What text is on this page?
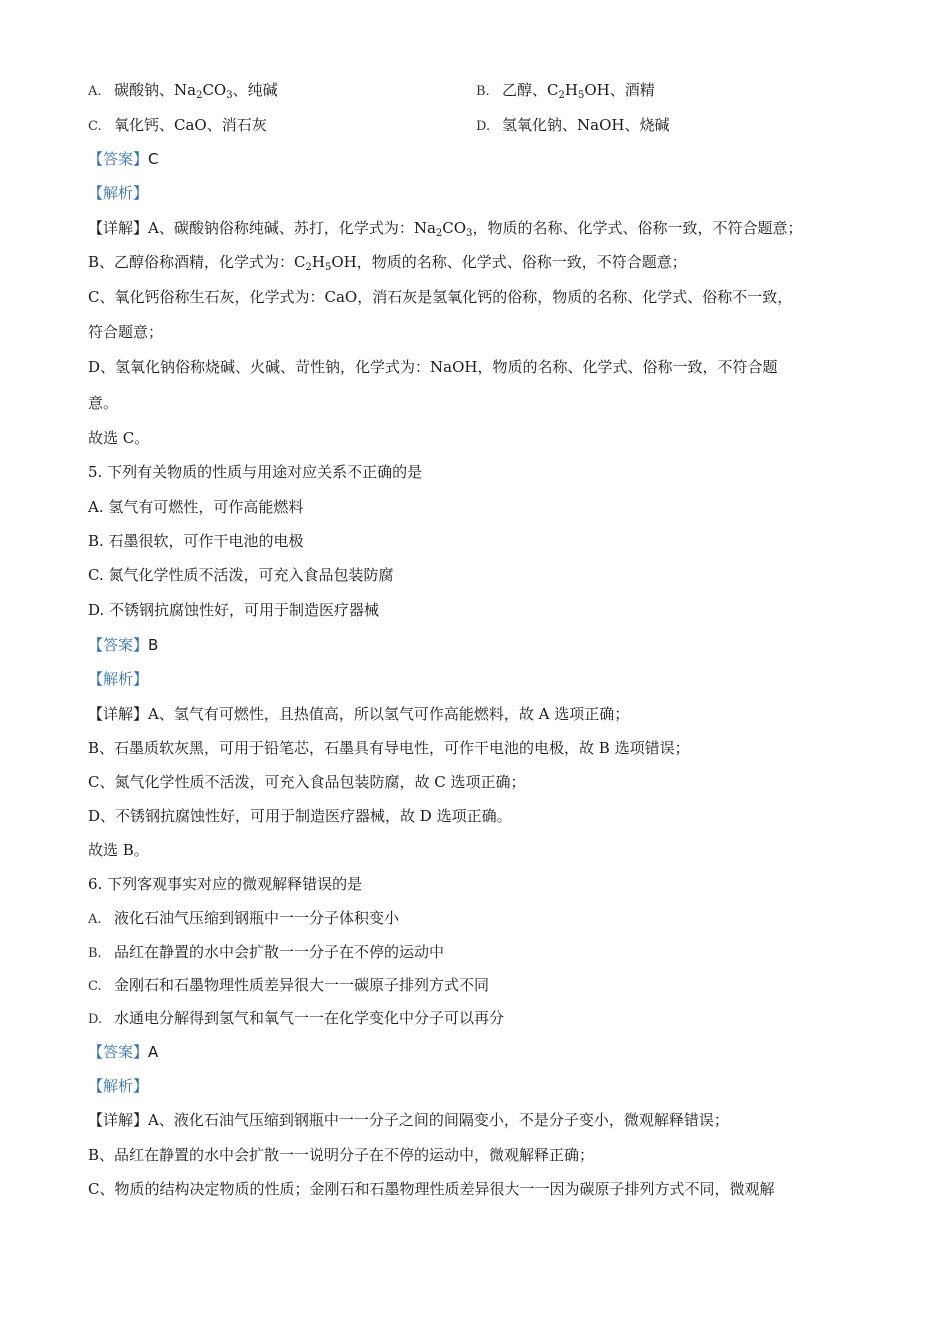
A. 碳酸钠、$Na_2CO_3$、纯碱	B. 乙醇、$C_2H_5OH$、酒精
C. 氧化钙、CaO、消石灰	D. 氢氧化钠、NaOH、烧碱
【答案】C
【解析】
【详解】A、碳酸钠俗称纯碱、苏打，化学式为：$Na_2CO_3$，物质的名称、化学式、俗称一致，不符合题意；
B、乙醇俗称酒精，化学式为：$C_2H_5OH$，物质的名称、化学式、俗称一致，不符合题意；
C、氧化钙俗称生石灰，化学式为：CaO，消石灰是氢氧化钙的俗称，物质的名称、化学式、俗称不一致，
符合题意；
D、氢氧化钠俗称烧碱、火碱、苛性钠，化学式为：NaOH，物质的名称、化学式、俗称一致，不符合题
意。
故选 C。
5. 下列有关物质的性质与用途对应关系不正确的是
A. 氢气有可燃性，可作高能燃料
B. 石墨很软，可作干电池的电极
C. 氮气化学性质不活泼，可充入食品包装防腐
D. 不锈钢抗腐蚀性好，可用于制造医疗器械
【答案】B
【解析】
【详解】A、氢气有可燃性，且热值高，所以氢气可作高能燃料，故 A 选项正确；
B、石墨质软灰黑，可用于铅笔芯，石墨具有导电性，可作干电池的电极，故 B 选项错误；
C、氮气化学性质不活泼，可充入食品包装防腐，故 C 选项正确；
D、不锈钢抗腐蚀性好，可用于制造医疗器械，故 D 选项正确。
故选 B。
6. 下列客观事实对应的微观解释错误的是
A. 液化石油气压缩到钢瓶中一一分子体积变小
B. 品红在静置的水中会扩散一一分子在不停的运动中
C. 金刚石和石墨物理性质差异很大一一碳原子排列方式不同
D. 水通电分解得到氢气和氧气一一在化学变化中分子可以再分
【答案】A
【解析】
【详解】A、液化石油气压缩到钢瓶中一一分子之间的间隔变小，不是分子变小，微观解释错误；
B、品红在静置的水中会扩散一一说明分子在不停的运动中，微观解释正确；
C、物质的结构决定物质的性质；金刚石和石墨物理性质差异很大一一因为碳原子排列方式不同，微观解
